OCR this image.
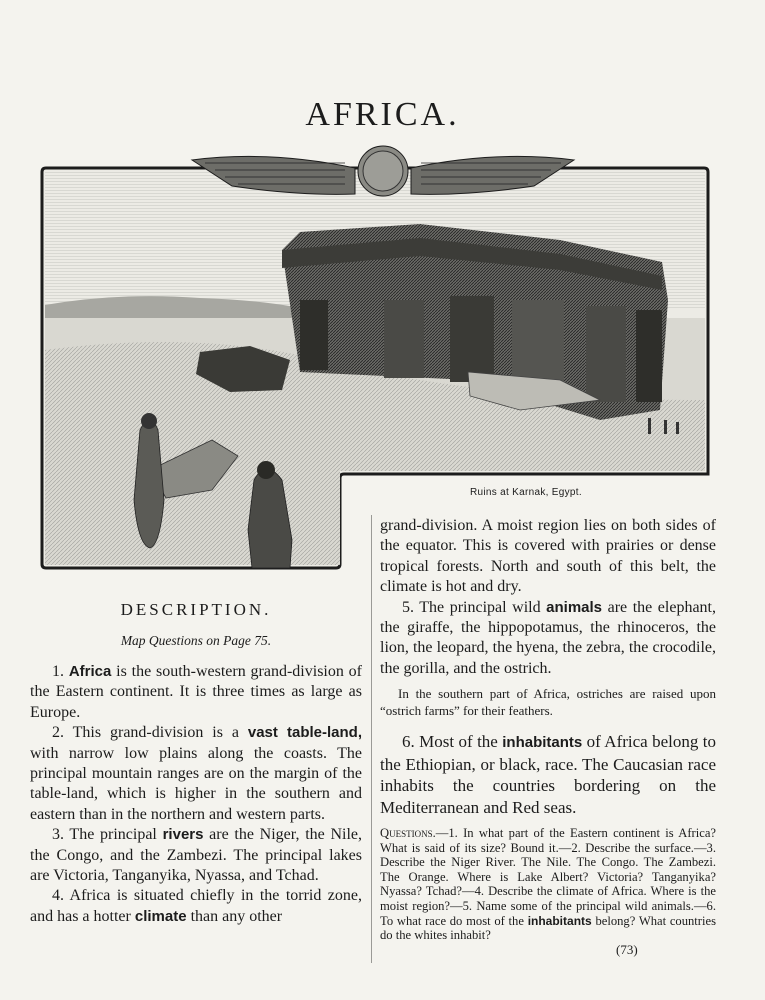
AFRICA.
Ruins at Karnak, Egypt.
DESCRIPTION.
Map Questions on Page 75.

1. Africa is the south-western grand-division of the Eastern continent. It is three times as large as Europe.

2. This grand-division is a vast table-land, with narrow low plains along the coasts. The principal mountain ranges are on the margin of the table-land, which is higher in the southern and eastern than in the northern and western parts.

3. The principal rivers are the Niger, the Nile, the Congo, and the Zambezi. The principal lakes are Victoria, Tanganyika, Nyassa, and Tchad.

4. Africa is situated chiefly in the torrid zone, and has a hotter climate than any other

grand-division. A moist region lies on both sides of the equator. This is covered with prairies or dense tropical forests. North and south of this belt, the climate is hot and dry.

5. The principal wild animals are the elephant, the giraffe, the hippopotamus, the rhinoceros, the lion, the leopard, the hyena, the zebra, the crocodile, the gorilla, and the ostrich.

In the southern part of Africa, ostriches are raised upon “ostrich farms” for their feathers.

6. Most of the inhabitants of Africa belong to the Ethiopian, or black, race. The Caucasian race inhabits the countries bordering on the Mediterranean and Red seas.

Questions.—1. In what part of the Eastern continent is Africa? What is said of its size? Bound it.—2. Describe the surface.—3. Describe the Niger River. The Nile. The Congo. The Zambezi. The Orange. Where is Lake Albert? Victoria? Tanganyika? Nyassa? Tchad?—4. Describe the climate of Africa. Where is the moist region?—5. Name some of the principal wild animals.—6. To what race do most of the inhabitants belong? What countries do the whites inhabit?
(73)
